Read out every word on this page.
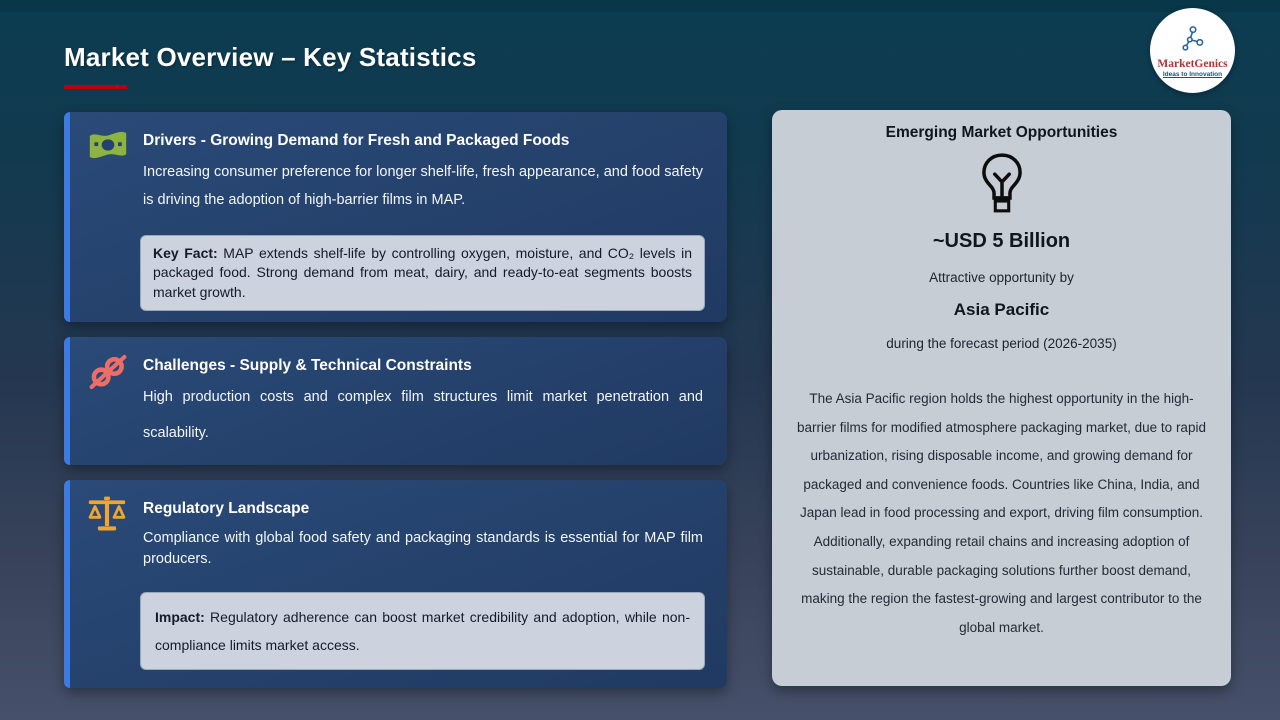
Market Overview – Key Statistics	MarketGenics
Ideas to Innovation
Drivers - Growing Demand for Fresh and Packaged Foods
Increasing consumer preference for longer shelf-life, fresh appearance, and food safety is driving the adoption of high-barrier films in MAP.
Key Fact: MAP extends shelf-life by controlling oxygen, moisture, and CO₂ levels in packaged food. Strong demand from meat, dairy, and ready-to-eat segments boosts market growth.
Challenges - Supply & Technical Constraints
High production costs and complex film structures limit market penetration and scalability.
Regulatory Landscape
Compliance with global food safety and packaging standards is essential for MAP film producers.
Impact: Regulatory adherence can boost market credibility and adoption, while non-compliance limits market access.
Emerging Market Opportunities
~USD 5 Billion
Attractive opportunity by
Asia Pacific
during the forecast period (2026-2035)
The Asia Pacific region holds the highest opportunity in the high-barrier films for modified atmosphere packaging market, due to rapid urbanization, rising disposable income, and growing demand for packaged and convenience foods. Countries like China, India, and Japan lead in food processing and export, driving film consumption. Additionally, expanding retail chains and increasing adoption of sustainable, durable packaging solutions further boost demand, making the region the fastest-growing and largest contributor to the global market.
